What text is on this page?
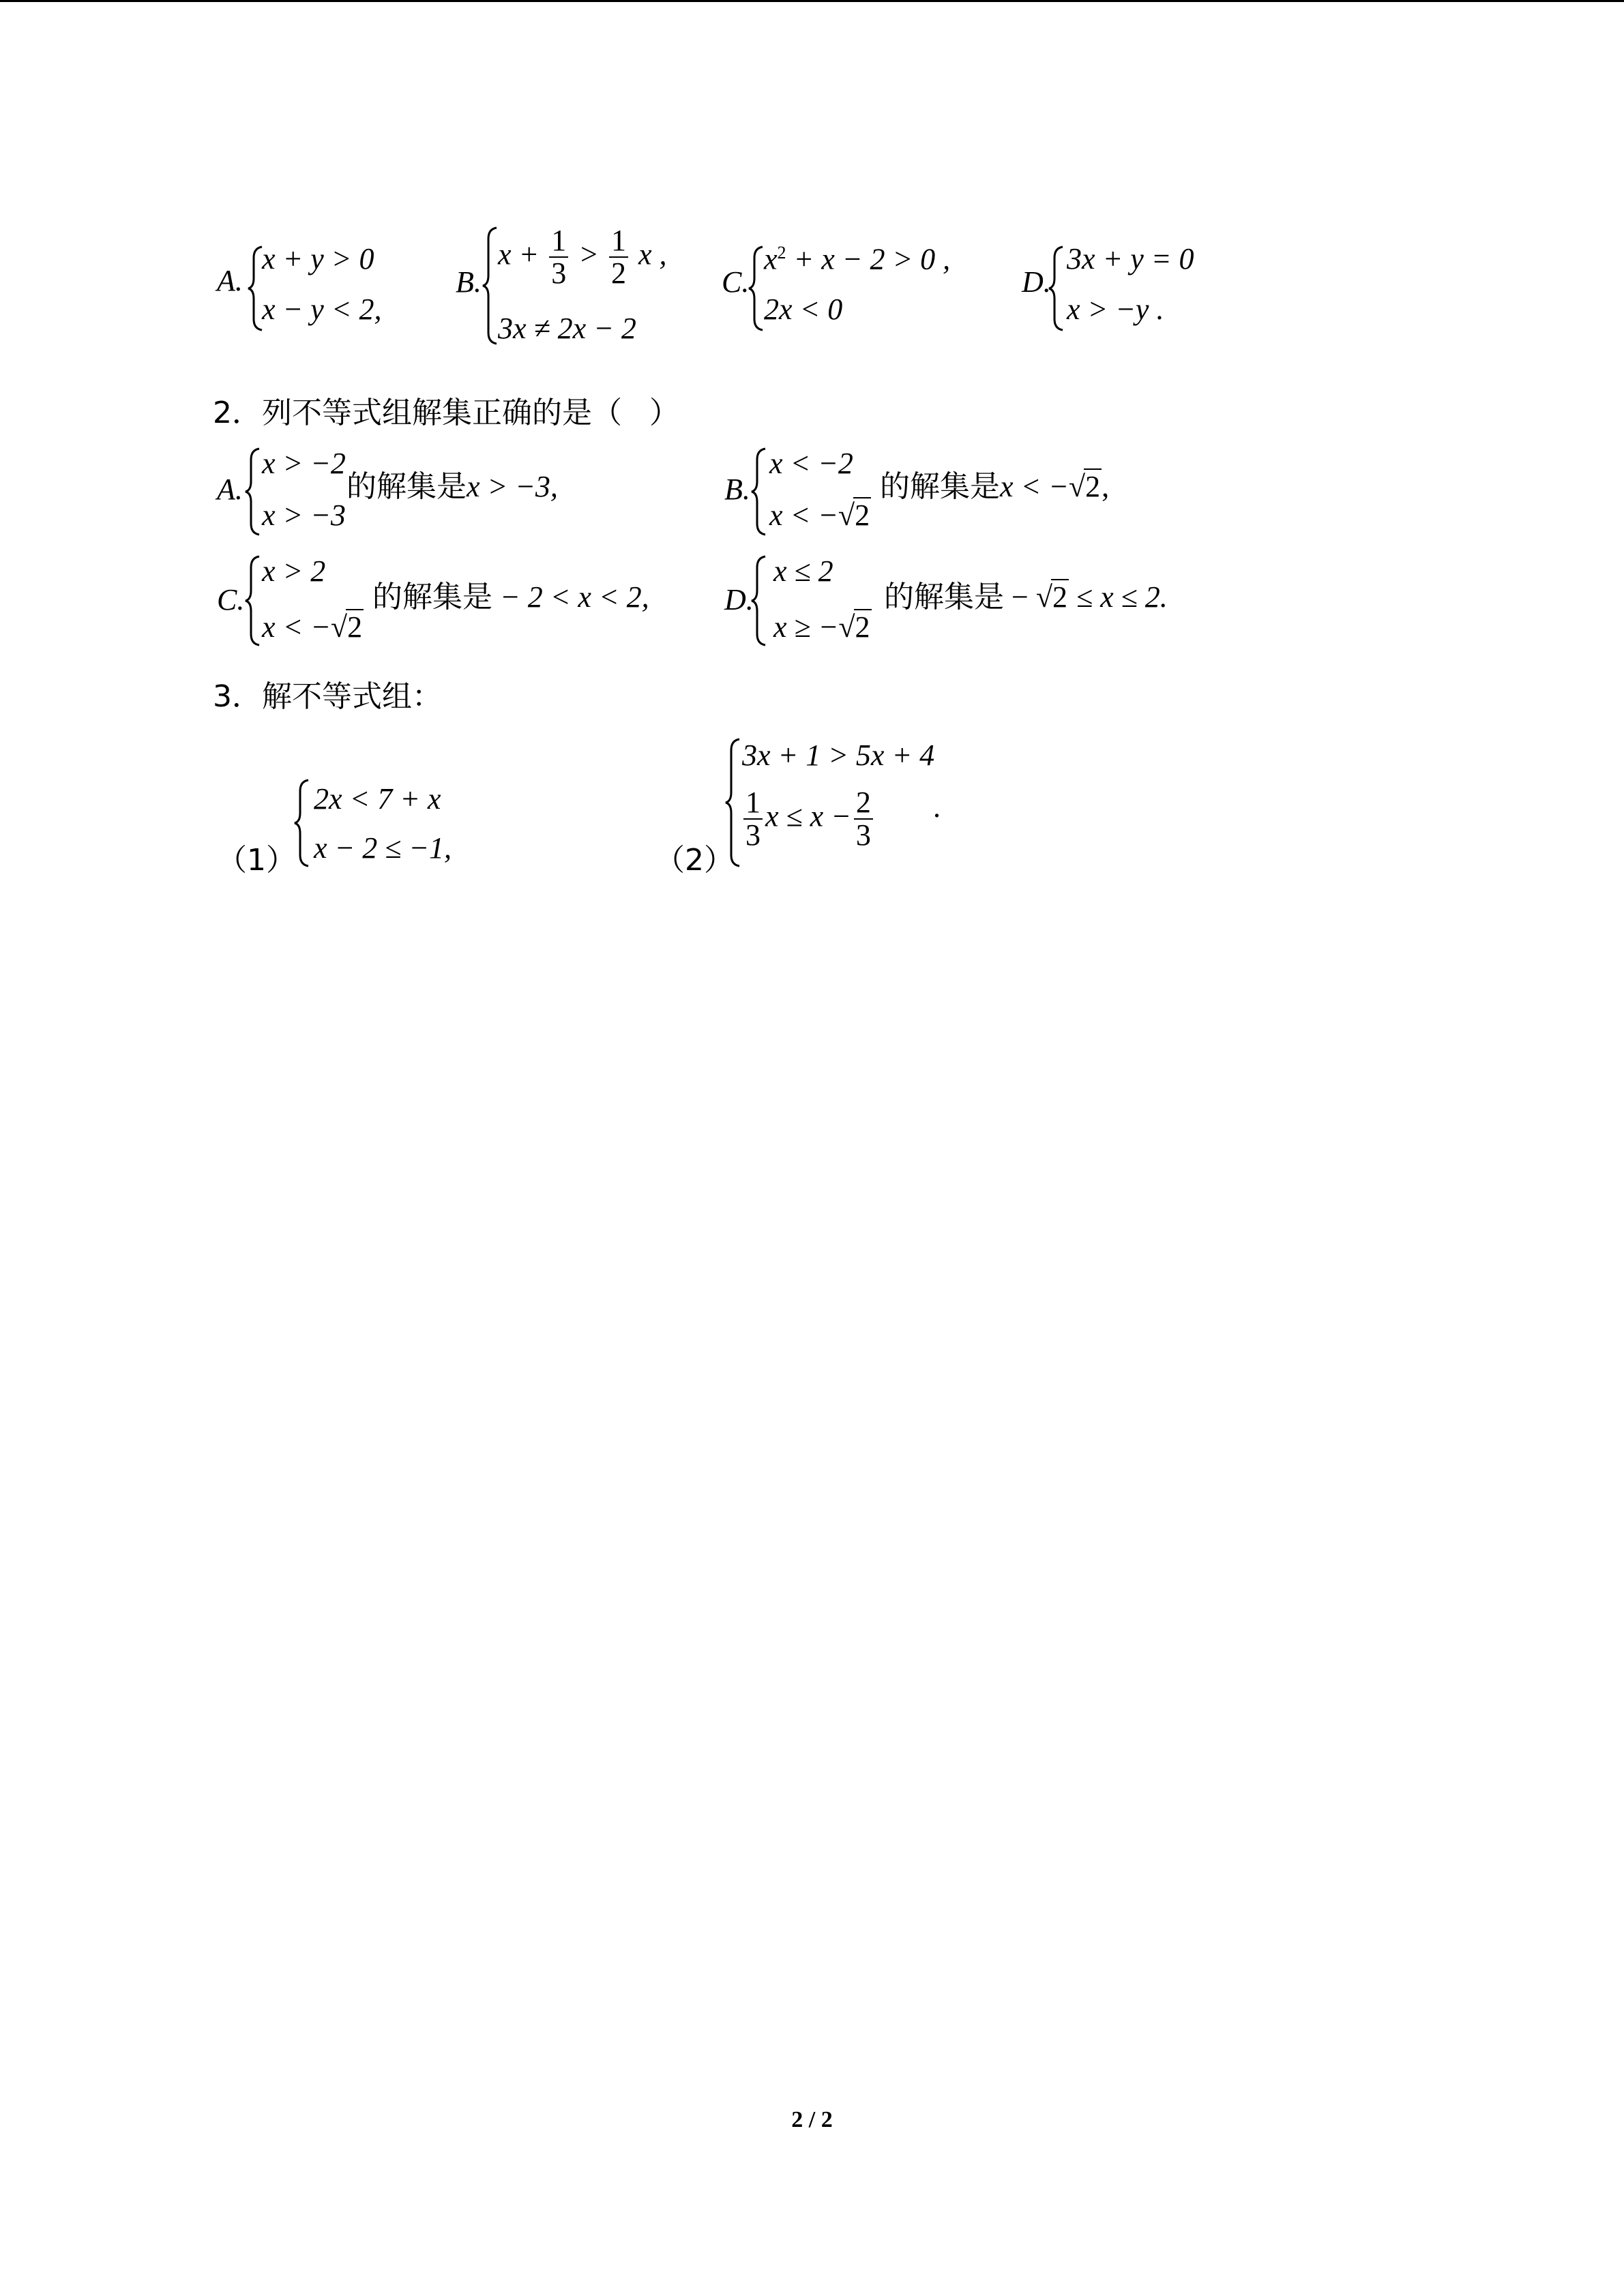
A.
x + y > 0
x − y < 2,
B.
$x + \frac{1}{3} > \frac{1}{2}$ x ,
3x ≠ 2x − 2
C.
$x^2 + x - 2 > 0$ ,
2x < 0
D.
3x + y = 0
x > −y .
2．列不等式组解集正确的是（ ）
A.
x > −2
x > −3
的解集是x > −3,	B.
x < −2
x < −√2
的解集是x < −√2,
C.
x > 2
x < −√2
的解集是 − 2 < x < 2,	D.
x ≤ 2
x ≥ −√2
的解集是 − √2 ≤ x ≤ 2.
3．解不等式组：
（1）
2x < 7 + x
x − 2 ≤ −1,	（2）
3x + 1 > 5x + 4
$\frac{1}{3}$ $x \le x - \frac{2}{3}$ .
2 / 2
